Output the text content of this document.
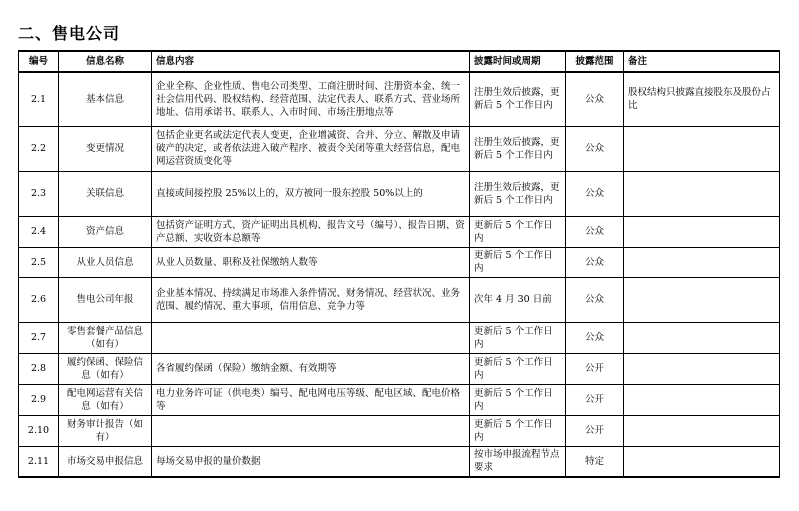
二、售电公司
编号	信息名称	信息内容	披露时间或周期	披露范围	备注
2.1	基本信息	企业全称、企业性质、售电公司类型、工商注册时间、注册资本金、统一社会信用代码、股权结构、经营范围、法定代表人、联系方式、营业场所地址、信用承诺书、联系人、入市时间、市场注册地点等	注册生效后披露，更新后 5 个工作日内	公众	股权结构只披露直接股东及股份占比
2.2	变更情况	包括企业更名或法定代表人变更，企业增减资、合并、分立、解散及申请破产的决定，或者依法进入破产程序、被责令关闭等重大经营信息，配电网运营资质变化等	注册生效后披露，更新后 5 个工作日内	公众	
2.3	关联信息	直接或间接控股 25%以上的，双方被同一股东控股 50%以上的	注册生效后披露，更新后 5 个工作日内	公众	
2.4	资产信息	包括资产证明方式、资产证明出具机构、报告文号（编号）、报告日期、资产总额、实收资本总额等	更新后 5 个工作日内	公众	
2.5	从业人员信息	从业人员数量、职称及社保缴纳人数等	更新后 5 个工作日内	公众	
2.6	售电公司年报	企业基本情况、持续满足市场准入条件情况、财务情况、经营状况、业务范围、履约情况、重大事项，信用信息、竞争力等	次年 4 月 30 日前	公众	
2.7	零售套餐产品信息（如有）		更新后 5 个工作日内	公众	
2.8	履约保函、保险信息（如有）	各省履约保函（保险）缴纳金额、有效期等	更新后 5 个工作日内	公开	
2.9	配电网运营有关信息（如有）	电力业务许可证（供电类）编号、配电网电压等级、配电区域、配电价格等	更新后 5 个工作日内	公开	
2.10	财务审计报告（如有）		更新后 5 个工作日内	公开	
2.11	市场交易申报信息	每场交易申报的量价数据	按市场申报流程节点要求	特定	
